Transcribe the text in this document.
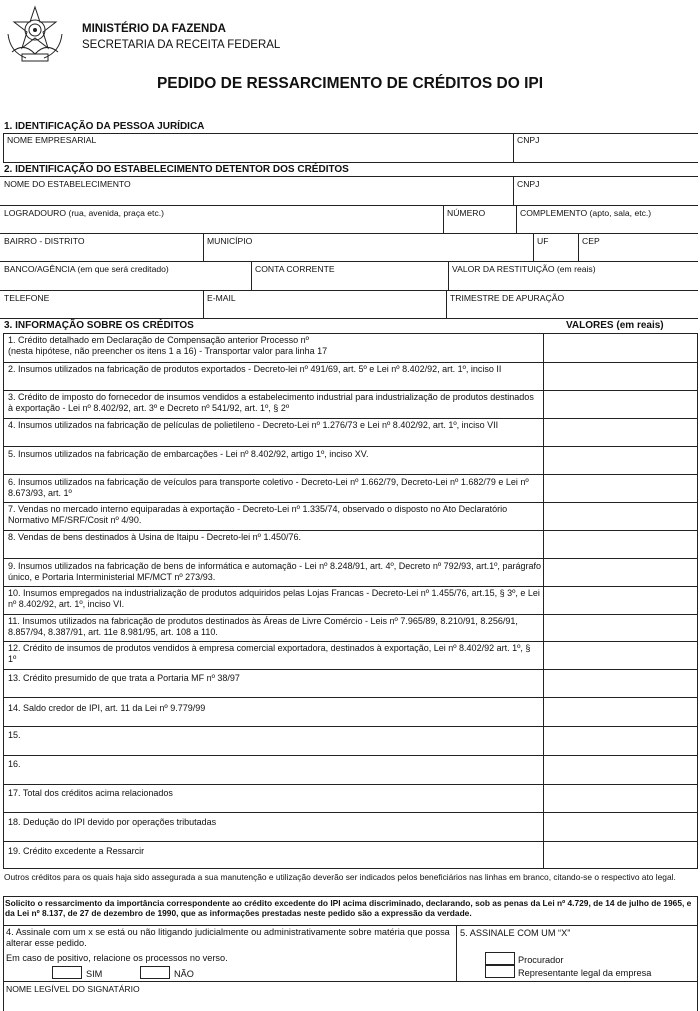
MINISTÉRIO DA FAZENDA
SECRETARIA DA RECEITA FEDERAL
PEDIDO DE RESSARCIMENTO DE CRÉDITOS DO IPI
1. IDENTIFICAÇÃO DA PESSOA JURÍDICA
NOME EMPRESARIAL	CNPJ
2. IDENTIFICAÇÃO DO ESTABELECIMENTO DETENTOR DOS CRÉDITOS
NOME DO ESTABELECIMENTO	CNPJ
LOGRADOURO (rua, avenida, praça etc.)	NÚMERO	COMPLEMENTO (apto, sala, etc.)
BAIRRO - DISTRITO	MUNICÍPIO	UF	CEP
BANCO/AGÊNCIA (em que será creditado)	CONTA CORRENTE	VALOR DA RESTITUIÇÃO (em reais)
TELEFONE	E-MAIL	TRIMESTRE DE APURAÇÃO
3. INFORMAÇÃO SOBRE OS CRÉDITOS	VALORES (em reais)
1. Crédito detalhado em Declaração de Compensação anterior Processo nº
(nesta hipótese, não preencher os itens 1 a 16) - Transportar valor para linha 17
2. Insumos utilizados na fabricação de produtos exportados - Decreto-lei nº 491/69, art. 5º e Lei nº 8.402/92, art. 1º, inciso II
3. Crédito de imposto do fornecedor de insumos vendidos a estabelecimento industrial para industrialização de produtos destinados à exportação - Lei nº 8.402/92, art. 3º e Decreto nº 541/92, art. 1º, § 2º
4. Insumos utilizados na fabricação de películas de polietileno - Decreto-Lei nº 1.276/73 e Lei nº 8.402/92, art. 1º, inciso VII
5. Insumos utilizados na fabricação de embarcações - Lei nº 8.402/92, artigo 1º, inciso XV.
6. Insumos utilizados na fabricação de veículos para transporte coletivo - Decreto-Lei nº 1.662/79, Decreto-Lei nº 1.682/79 e Lei nº 8.673/93, art. 1º
7. Vendas no mercado interno equiparadas à exportação - Decreto-Lei nº 1.335/74, observado o disposto no Ato Declaratório Normativo MF/SRF/Cosit nº 4/90.
8. Vendas de bens destinados à Usina de Itaipu - Decreto-lei nº 1.450/76.
9. Insumos utilizados na fabricação de bens de informática e automação - Lei nº 8.248/91, art. 4º, Decreto nº 792/93, art.1º, parágrafo único, e Portaria Interministerial MF/MCT nº 273/93.
10. Insumos empregados na industrialização de produtos adquiridos pelas Lojas Francas - Decreto-Lei nº 1.455/76, art.15, § 3º, e Lei nº 8.402/92, art. 1º, inciso VI.
11. Insumos utilizados na fabricação de produtos destinados às Áreas de Livre Comércio - Leis nº 7.965/89, 8.210/91, 8.256/91, 8.857/94, 8.387/91, art. 11e 8.981/95, art. 108 a 110.
12. Crédito de insumos de produtos vendidos à empresa comercial exportadora, destinados à exportação, Lei nº 8.402/92 art. 1º, § 1º
13. Crédito presumido de que trata a Portaria MF nº 38/97
14. Saldo credor de IPI, art. 11 da Lei nº 9.779/99
15.
16.
17. Total dos créditos acima relacionados
18. Dedução do IPI devido por operações tributadas
19. Crédito excedente a Ressarcir
Outros créditos para os quais haja sido assegurada a sua manutenção e utilização deverão ser indicados pelos beneficiários nas linhas em branco, citando-se o respectivo ato legal.
Solicito o ressarcimento da importância correspondente ao crédito excedente do IPI acima discriminado, declarando, sob as penas da Lei nº 4.729, de 14 de julho de 1965, e da Lei nº 8.137, de 27 de dezembro de 1990, que as informações prestadas neste pedido são a expressão da verdade.
4. Assinale com um x se está ou não litigando judicialmente ou administrativamente sobre matéria que possa alterar esse pedido.
Em caso de positivo, relacione os processos no verso.
SIM	NÃO
5. ASSINALE COM UM “X”
Procurador
Representante legal da empresa
NOME LEGÍVEL DO SIGNATÁRIO
